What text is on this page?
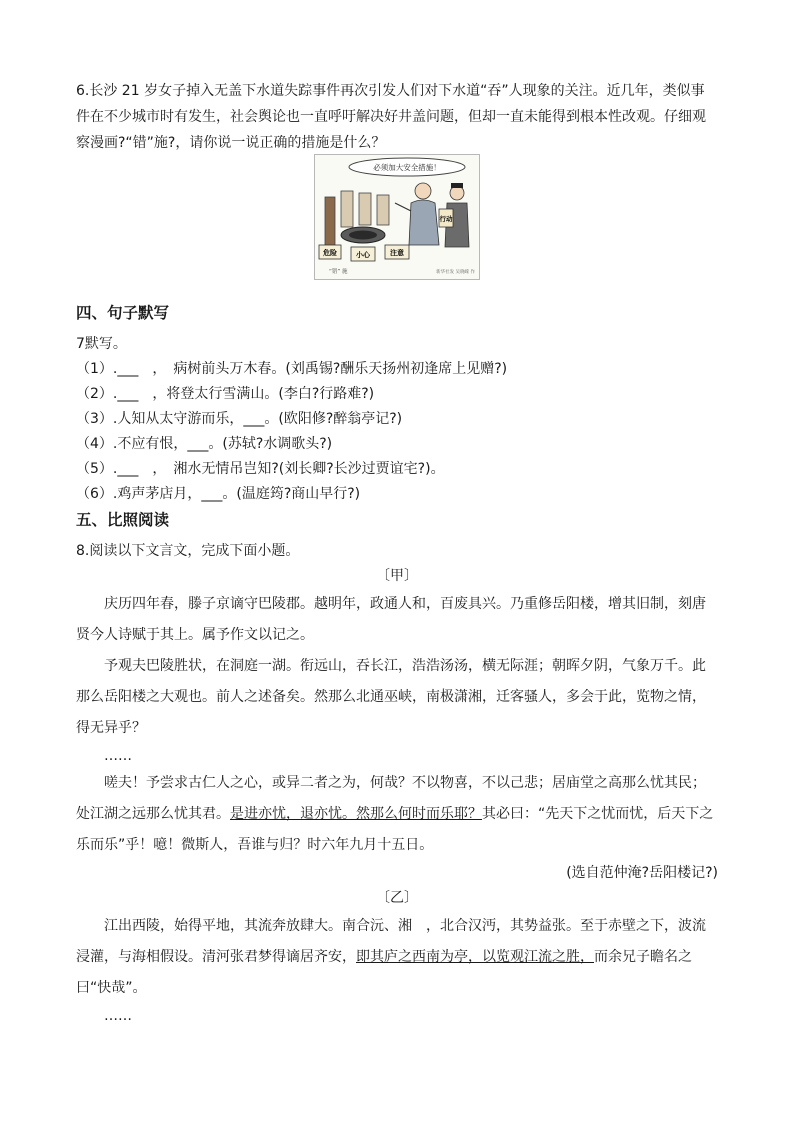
6.长沙 21 岁女子掉入无盖下水道失踪事件再次引发人们对下水道“吞”人现象的关注。近几年，类似事件在不少城市时有发生，社会舆论也一直呼吁解决好井盖问题，但却一直未能得到根本性改观。仔细观察漫画?“错”施?，请你说一说正确的措施是什么？
四、句子默写
7默写。
（1）.___　，　病树前头万木春。(刘禹锡?酬乐天扬州初逢席上见赠?)
（2）.___　，将登太行雪满山。(李白?行路难?)
（3）.人知从太守游而乐，___。(欧阳修?醉翁亭记?)
（4）.不应有恨，___。(苏轼?水调歌头?)
（5）.___　，　湘水无情吊岂知?(刘长卿?长沙过贾谊宅?)。
（6）.鸡声茅店月，___。(温庭筠?商山早行?)
五、比照阅读
8.阅读以下文言文，完成下面小题。
〔甲〕
庆历四年春，滕子京谪守巴陵郡。越明年，政通人和，百废具兴。乃重修岳阳楼，增其旧制，刻唐贤今人诗赋于其上。属予作文以记之。
予观夫巴陵胜状，在洞庭一湖。衔远山，吞长江，浩浩汤汤，横无际涯；朝晖夕阴，气象万千。此那么岳阳楼之大观也。前人之述备矣。然那么北通巫峡，南极潇湘，迁客骚人，多会于此，览物之情，得无异乎？
……
嗟夫！予尝求古仁人之心，或异二者之为，何哉？不以物喜，不以己悲；居庙堂之高那么忧其民；处江湖之远那么忧其君。是进亦忧，退亦忧。然那么何时而乐耶？其必曰：“先天下之忧而忧，后天下之乐而乐”乎！噫！微斯人，吾谁与归？时六年九月十五日。
(选自范仲淹?岳阳楼记?)
〔乙〕
江出西陵，始得平地，其流奔放肆大。南合沅、湘　，北合汉沔，其势益张。至于赤壁之下，波流浸灌，与海相假设。清河张君梦得谪居齐安，即其庐之西南为亭，以览观江流之胜，而余兄子瞻名之曰“快哉”。
……
必须加大安全措施！
危险	小心	注意
行动
“错” 施	新华社发 吴晓嵘 作
